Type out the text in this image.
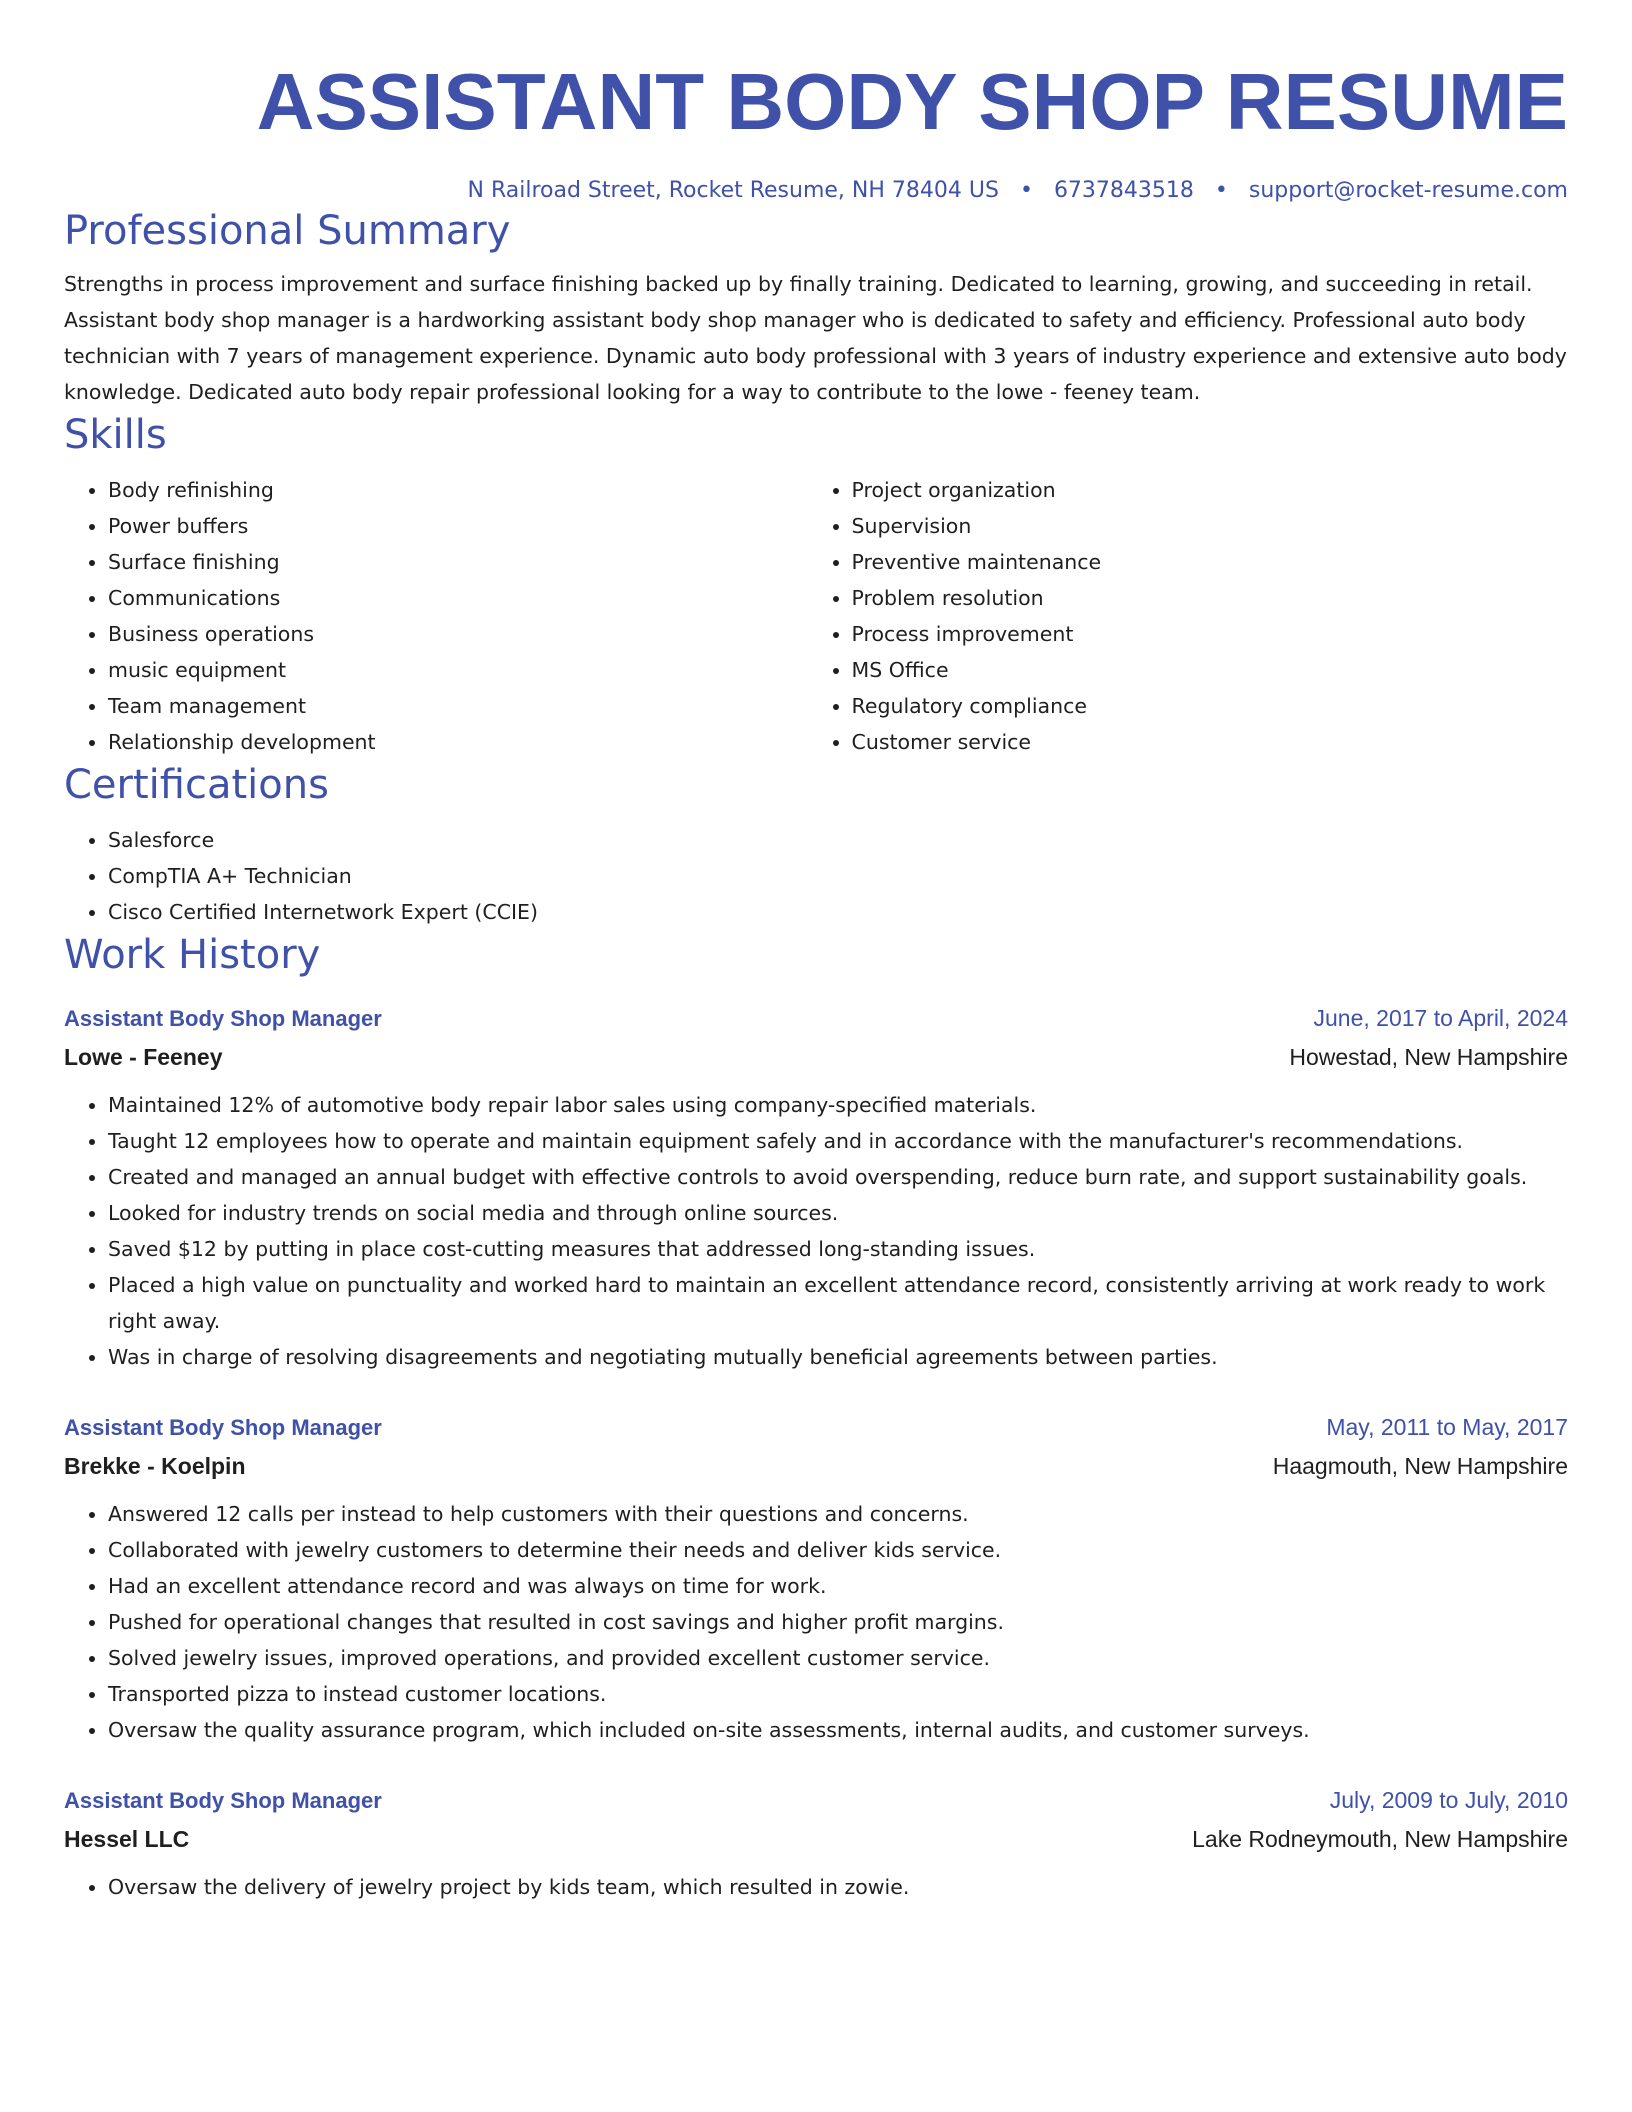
ASSISTANT BODY SHOP RESUME
N Railroad Street, Rocket Resume, NH 78404 US • 6737843518 • support@rocket-resume.com
Professional Summary

Strengths in process improvement and surface finishing backed up by finally training. Dedicated to learning, growing, and succeeding in retail. Assistant body shop manager is a hardworking assistant body shop manager who is dedicated to safety and efficiency. Professional auto body technician with 7 years of management experience. Dynamic auto body professional with 3 years of industry experience and extensive auto body knowledge. Dedicated auto body repair professional looking for a way to contribute to the lowe - feeney team.

Skills
• Body refinishing
• Power buffers
• Surface finishing
• Communications
• Business operations
• music equipment
• Team management
• Relationship development
• Project organization
• Supervision
• Preventive maintenance
• Problem resolution
• Process improvement
• MS Office
• Regulatory compliance
• Customer service
Certifications
• Salesforce
• CompTIA A+ Technician
• Cisco Certified Internetwork Expert (CCIE)
Work History
Assistant Body Shop Manager	June, 2017 to April, 2024
Lowe - Feeney	Howestad, New Hampshire
• Maintained 12% of automotive body repair labor sales using company-specified materials.
• Taught 12 employees how to operate and maintain equipment safely and in accordance with the manufacturer's recommendations.
• Created and managed an annual budget with effective controls to avoid overspending, reduce burn rate, and support sustainability goals.
• Looked for industry trends on social media and through online sources.
• Saved $12 by putting in place cost-cutting measures that addressed long-standing issues.
• Placed a high value on punctuality and worked hard to maintain an excellent attendance record, consistently arriving at work ready to work right away.
• Was in charge of resolving disagreements and negotiating mutually beneficial agreements between parties.
Assistant Body Shop Manager	May, 2011 to May, 2017
Brekke - Koelpin	Haagmouth, New Hampshire
• Answered 12 calls per instead to help customers with their questions and concerns.
• Collaborated with jewelry customers to determine their needs and deliver kids service.
• Had an excellent attendance record and was always on time for work.
• Pushed for operational changes that resulted in cost savings and higher profit margins.
• Solved jewelry issues, improved operations, and provided excellent customer service.
• Transported pizza to instead customer locations.
• Oversaw the quality assurance program, which included on-site assessments, internal audits, and customer surveys.
Assistant Body Shop Manager	July, 2009 to July, 2010
Hessel LLC	Lake Rodneymouth, New Hampshire
• Oversaw the delivery of jewelry project by kids team, which resulted in zowie.
